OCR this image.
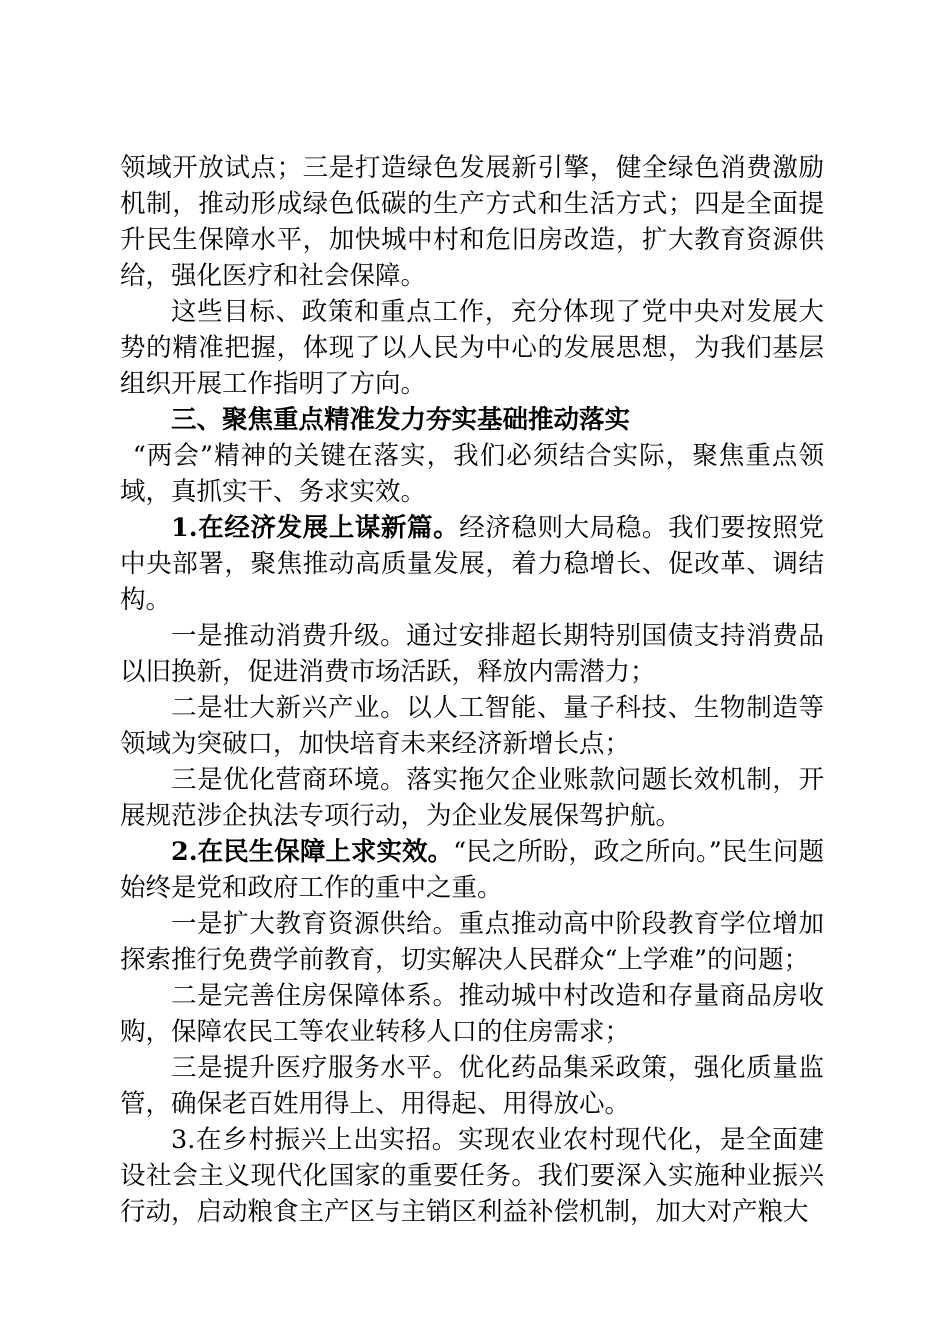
领域开放试点；三是打造绿色发展新引擎，健全绿色消费激励机制，推动形成绿色低碳的生产方式和生活方式；四是全面提升民生保障水平，加快城中村和危旧房改造，扩大教育资源供给，强化医疗和社会保障。

这些目标、政策和重点工作，充分体现了党中央对发展大势的精准把握，体现了以人民为中心的发展思想，为我们基层组织开展工作指明了方向。

三、聚焦重点精准发力夯实基础推动落实

“两会”精神的关键在落实，我们必须结合实际，聚焦重点领域，真抓实干、务求实效。

1.在经济发展上谋新篇。经济稳则大局稳。我们要按照党中央部署，聚焦推动高质量发展，着力稳增长、促改革、调结构。

一是推动消费升级。通过安排超长期特别国债支持消费品以旧换新，促进消费市场活跃，释放内需潜力；

二是壮大新兴产业。以人工智能、量子科技、生物制造等领域为突破口，加快培育未来经济新增长点；

三是优化营商环境。落实拖欠企业账款问题长效机制，开展规范涉企执法专项行动，为企业发展保驾护航。

2.在民生保障上求实效。“民之所盼，政之所向。”民生问题始终是党和政府工作的重中之重。

一是扩大教育资源供给。重点推动高中阶段教育学位增加探索推行免费学前教育，切实解决人民群众“上学难”的问题；

二是完善住房保障体系。推动城中村改造和存量商品房收购，保障农民工等农业转移人口的住房需求；

三是提升医疗服务水平。优化药品集采政策，强化质量监管，确保老百姓用得上、用得起、用得放心。

3.在乡村振兴上出实招。实现农业农村现代化，是全面建设社会主义现代化国家的重要任务。我们要深入实施种业振兴行动，启动粮食主产区与主销区利益补偿机制，加大对产粮大
